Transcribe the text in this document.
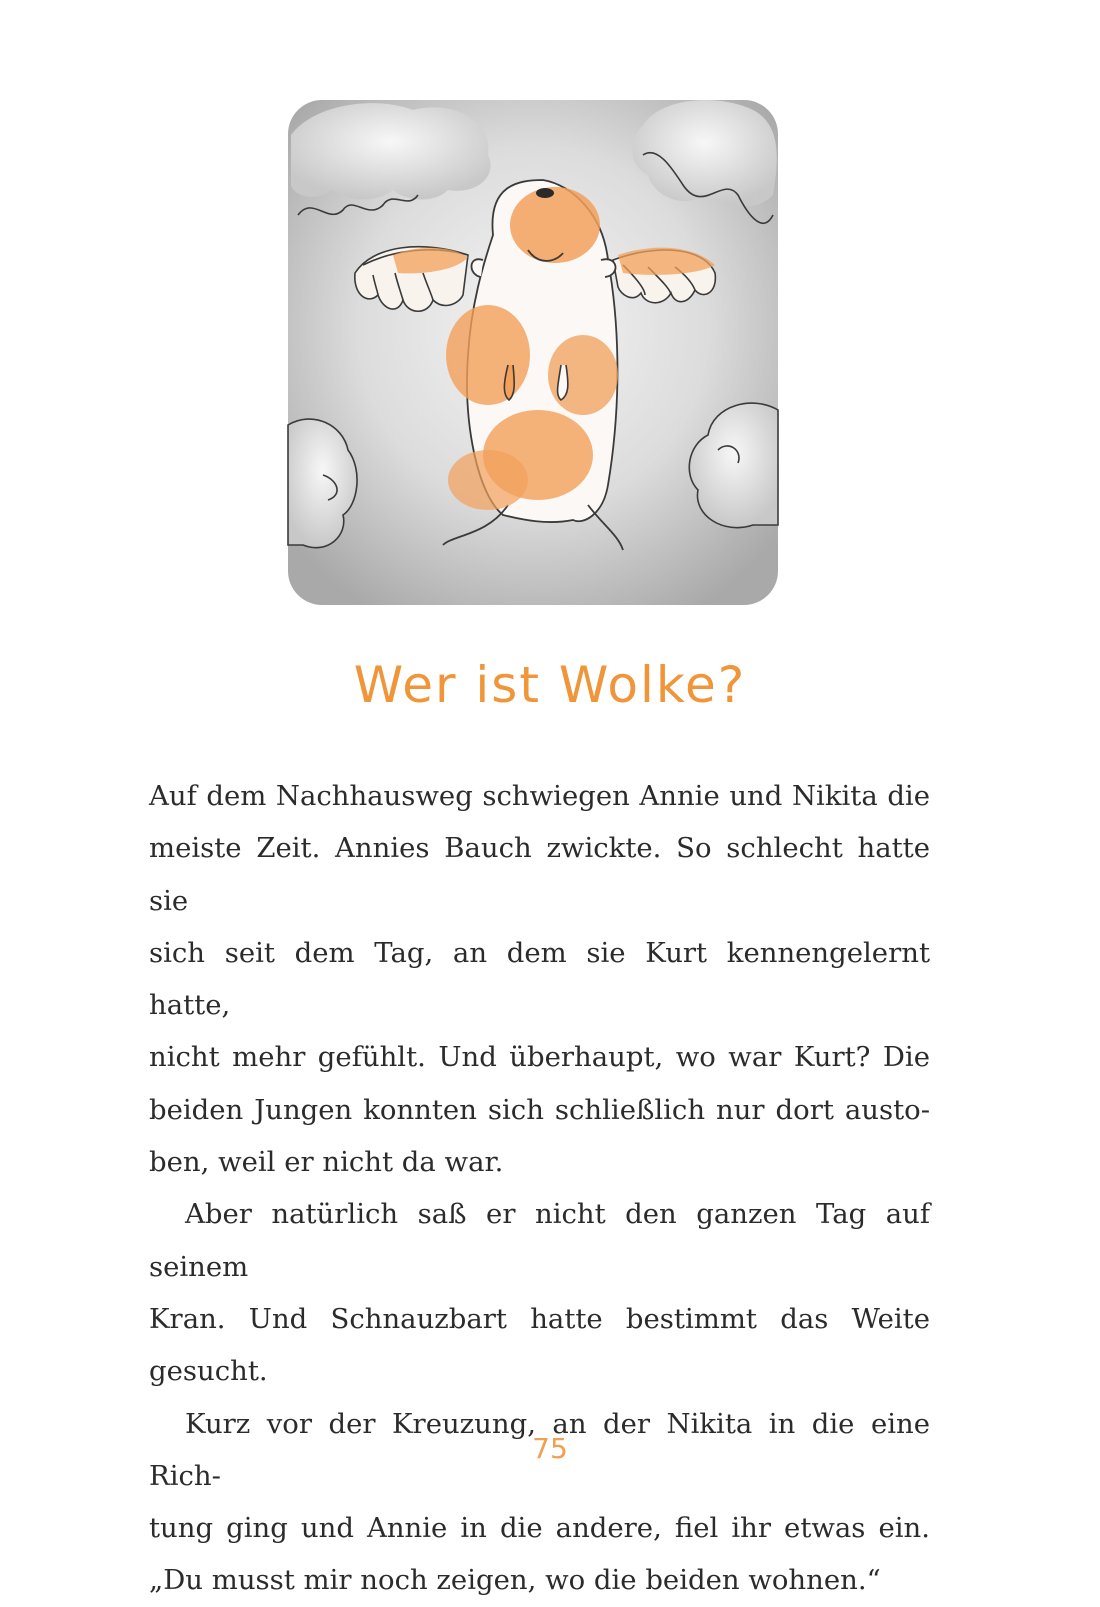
Wer ist Wolke?

Auf dem Nachhausweg schwiegen Annie und Nikita die
meiste Zeit. Annies Bauch zwickte. So schlecht hatte sie
sich seit dem Tag, an dem sie Kurt kennengelernt hatte,
nicht mehr gefühlt. Und überhaupt, wo war Kurt? Die
beiden Jungen konnten sich schließlich nur dort austo-
ben, weil er nicht da war.

Aber natürlich saß er nicht den ganzen Tag auf seinem
Kran. Und Schnauzbart hatte bestimmt das Weite gesucht.

Kurz vor der Kreuzung, an der Nikita in die eine Rich-
tung ging und Annie in die andere, fiel ihr etwas ein.
„Du musst mir noch zeigen, wo die beiden wohnen.“

75
